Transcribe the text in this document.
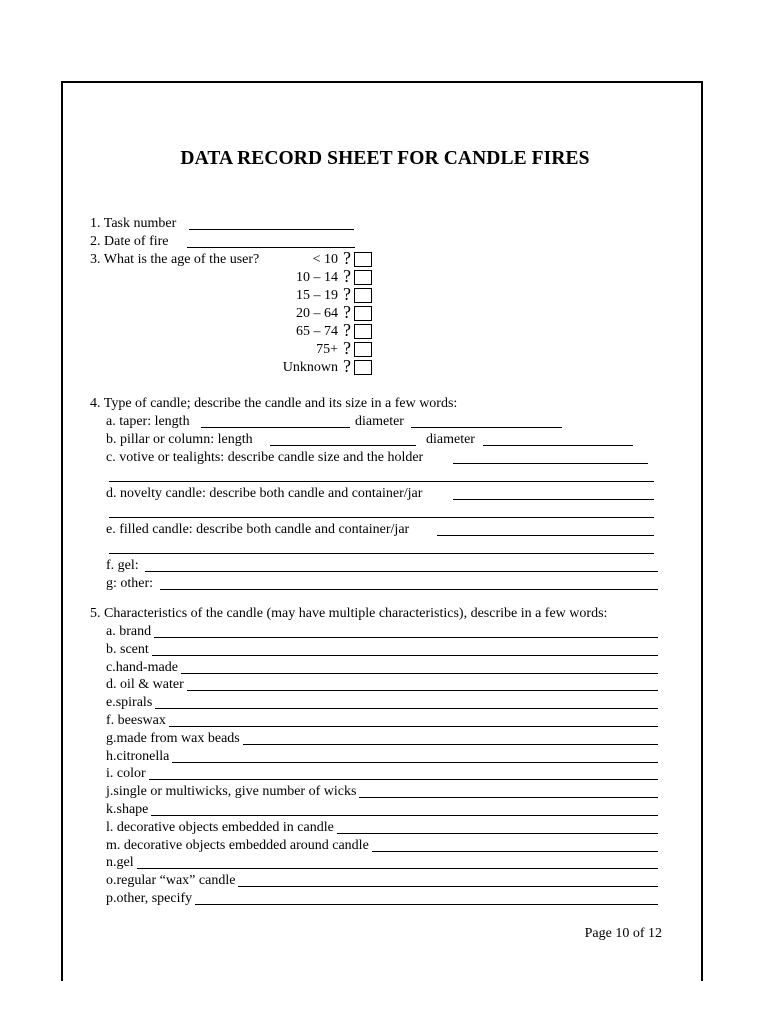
DATA RECORD SHEET FOR CANDLE FIRES
1. Task number
2. Date of fire
3. What is the age of the user?	< 10 ?
10 – 14 ?
15 – 19 ?
20 – 64 ?
65 – 74 ?
75+ ?
Unknown ?
4. Type of candle; describe the candle and its size in a few words:
a. taper: length	diameter
b. pillar or column: length	diameter
c. votive or tealights: describe candle size and the holder
d. novelty candle: describe both candle and container/jar
e. filled candle: describe both candle and container/jar
f. gel:
g: other:
5. Characteristics of the candle (may have multiple characteristics), describe in a few words:
a. brand
b. scent
c.hand-made
d. oil & water
e.spirals
f. beeswax
g.made from wax beads
h.citronella
i. color
j.single or multiwicks, give number of wicks
k.shape
l. decorative objects embedded in candle
m. decorative objects embedded around candle
n.gel
o.regular “wax” candle
p.other, specify
Page 10 of 12
